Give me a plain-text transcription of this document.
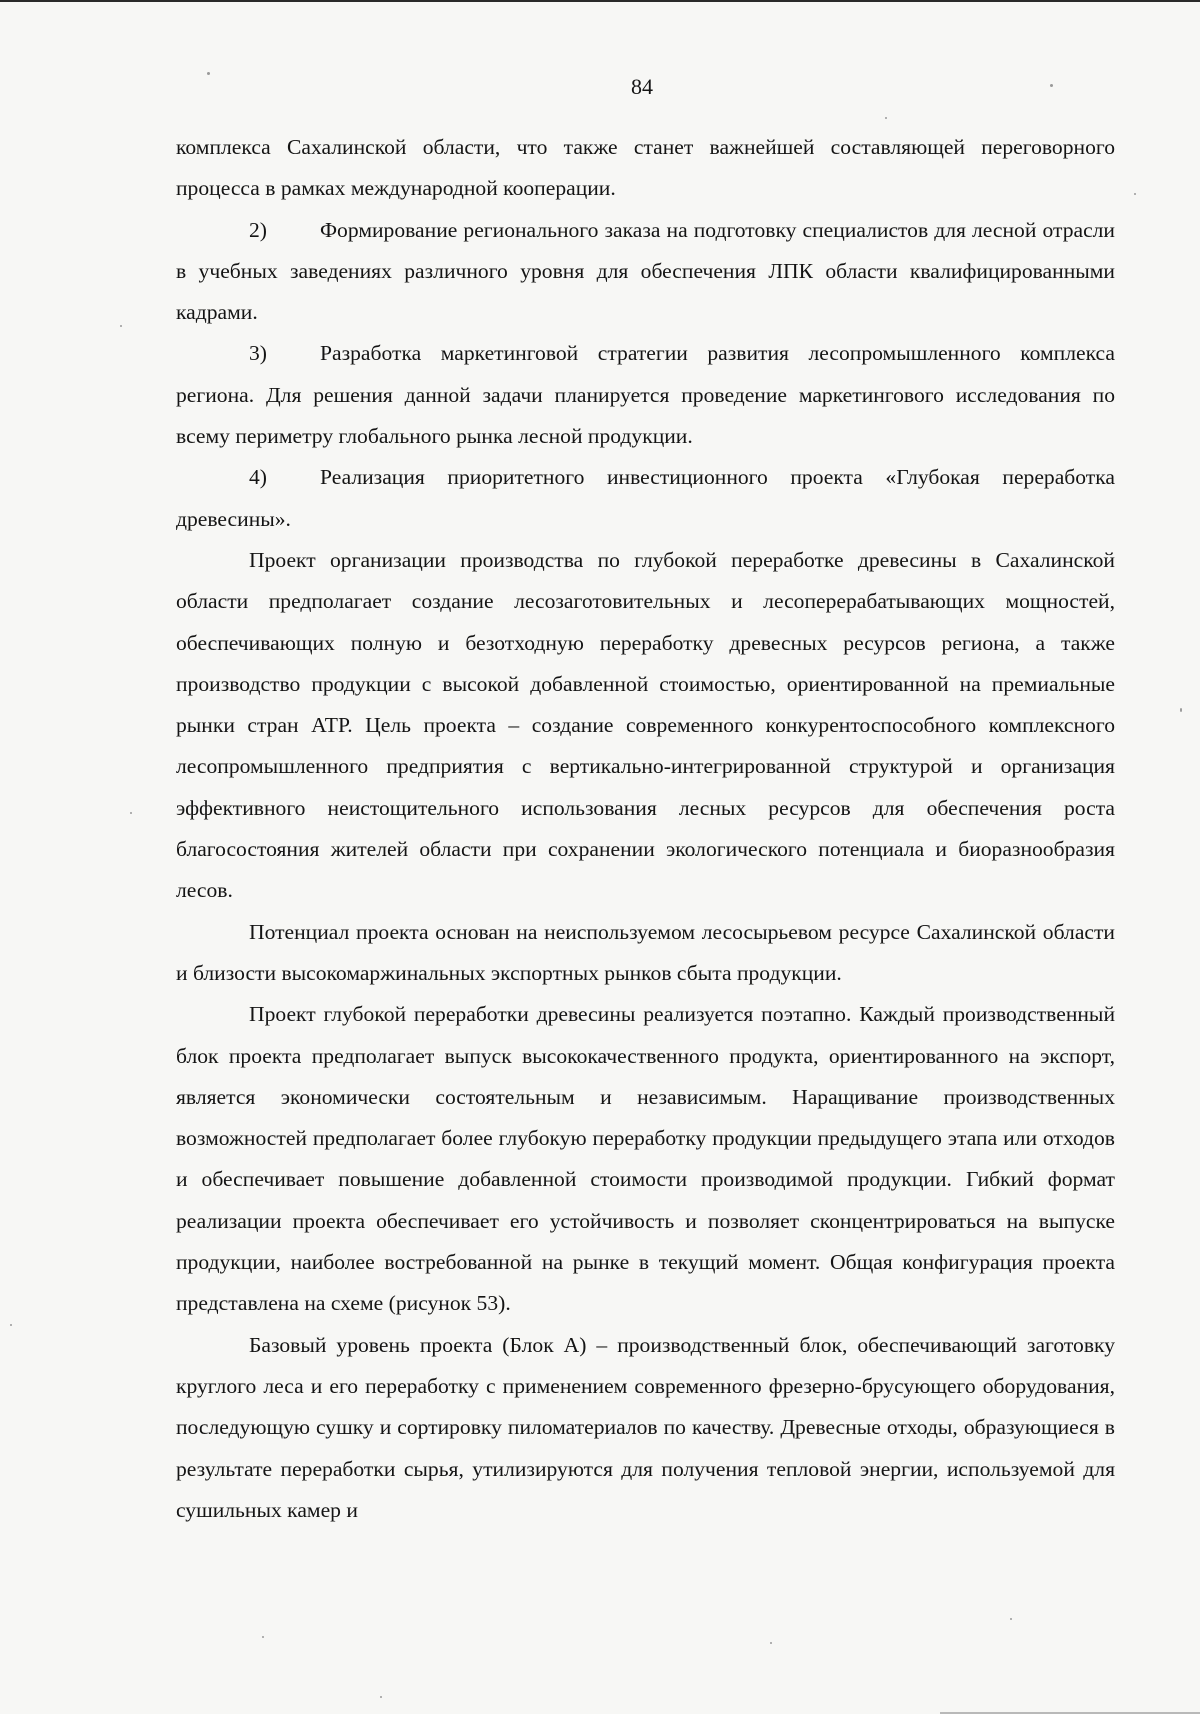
84

комплекса Сахалинской области, что также станет важнейшей составляющей переговорного процесса в рамках международной кооперации.

2) Формирование регионального заказа на подготовку специалистов для лесной отрасли в учебных заведениях различного уровня для обеспечения ЛПК области квалифицированными кадрами.

3) Разработка маркетинговой стратегии развития лесопромышленного комплекса региона. Для решения данной задачи планируется проведение маркетингового исследования по всему периметру глобального рынка лесной продукции.

4) Реализация приоритетного инвестиционного проекта «Глубокая переработка древесины».

Проект организации производства по глубокой переработке древесины в Сахалинской области предполагает создание лесозаготовительных и лесоперерабатывающих мощностей, обеспечивающих полную и безотходную переработку древесных ресурсов региона, а также производство продукции с высокой добавленной стоимостью, ориентированной на премиальные рынки стран АТР. Цель проекта – создание современного конкурентоспособного комплексного лесопромышленного предприятия с вертикально-интегрированной структурой и организация эффективного неистощительного использования лесных ресурсов для обеспечения роста благосостояния жителей области при сохранении экологического потенциала и биоразнообразия лесов.

Потенциал проекта основан на неиспользуемом лесосырьевом ресурсе Сахалинской области и близости высокомаржинальных экспортных рынков сбыта продукции.

Проект глубокой переработки древесины реализуется поэтапно. Каждый производственный блок проекта предполагает выпуск высококачественного продукта, ориентированного на экспорт, является экономически состоятельным и независимым. Наращивание производственных возможностей предполагает более глубокую переработку продукции предыдущего этапа или отходов и обеспечивает повышение добавленной стоимости производимой продукции. Гибкий формат реализации проекта обеспечивает его устойчивость и позволяет сконцентрироваться на выпуске продукции, наиболее востребованной на рынке в текущий момент. Общая конфигурация проекта представлена на схеме (рисунок 53).

Базовый уровень проекта (Блок А) – производственный блок, обеспечивающий заготовку круглого леса и его переработку с применением современного фрезерно-брусующего оборудования, последующую сушку и сортировку пиломатериалов по качеству. Древесные отходы, образующиеся в результате переработки сырья, утилизируются для получения тепловой энергии, используемой для сушильных камер и
